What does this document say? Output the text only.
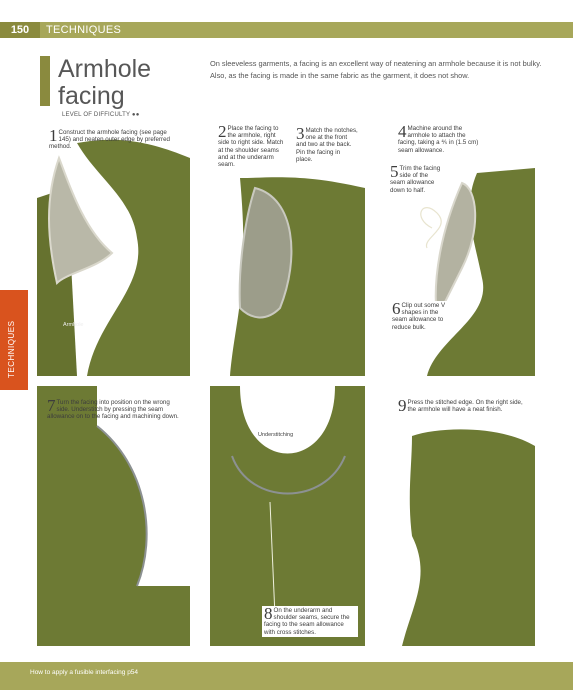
150	TECHNIQUES
Armhole
facing
LEVEL OF DIFFICULTY ●●
On sleeveless garments, a facing is an excellent way of neatening an armhole because it is not bulky. Also, as the facing is made in the same fabric as the garment, it does not show.
TECHNIQUES
1 Construct the armhole facing (see page 145) and neaten outer edge by preferred method.
Armhole
2 Place the facing to the armhole, right side to right side. Match at the shoulder seams and at the underarm seam.
3 Match the notches, one at the front and two at the back. Pin the facing in place.
4 Machine around the armhole to attach the facing, taking a ⅘ in (1.5 cm) seam allowance.
5 Trim the facing side of the seam allowance down to half.
6 Clip out some V shapes in the seam allowance to reduce bulk.
7 Turn the facing into position on the wrong side. Understitch by pressing the seam allowance on to the facing and machining down.
Understitching
8 On the underarm and shoulder seams, secure the facing to the seam allowance with cross stitches.
9 Press the stitched edge. On the right side, the armhole will have a neat finish.
How to apply a fusible interfacing p54
